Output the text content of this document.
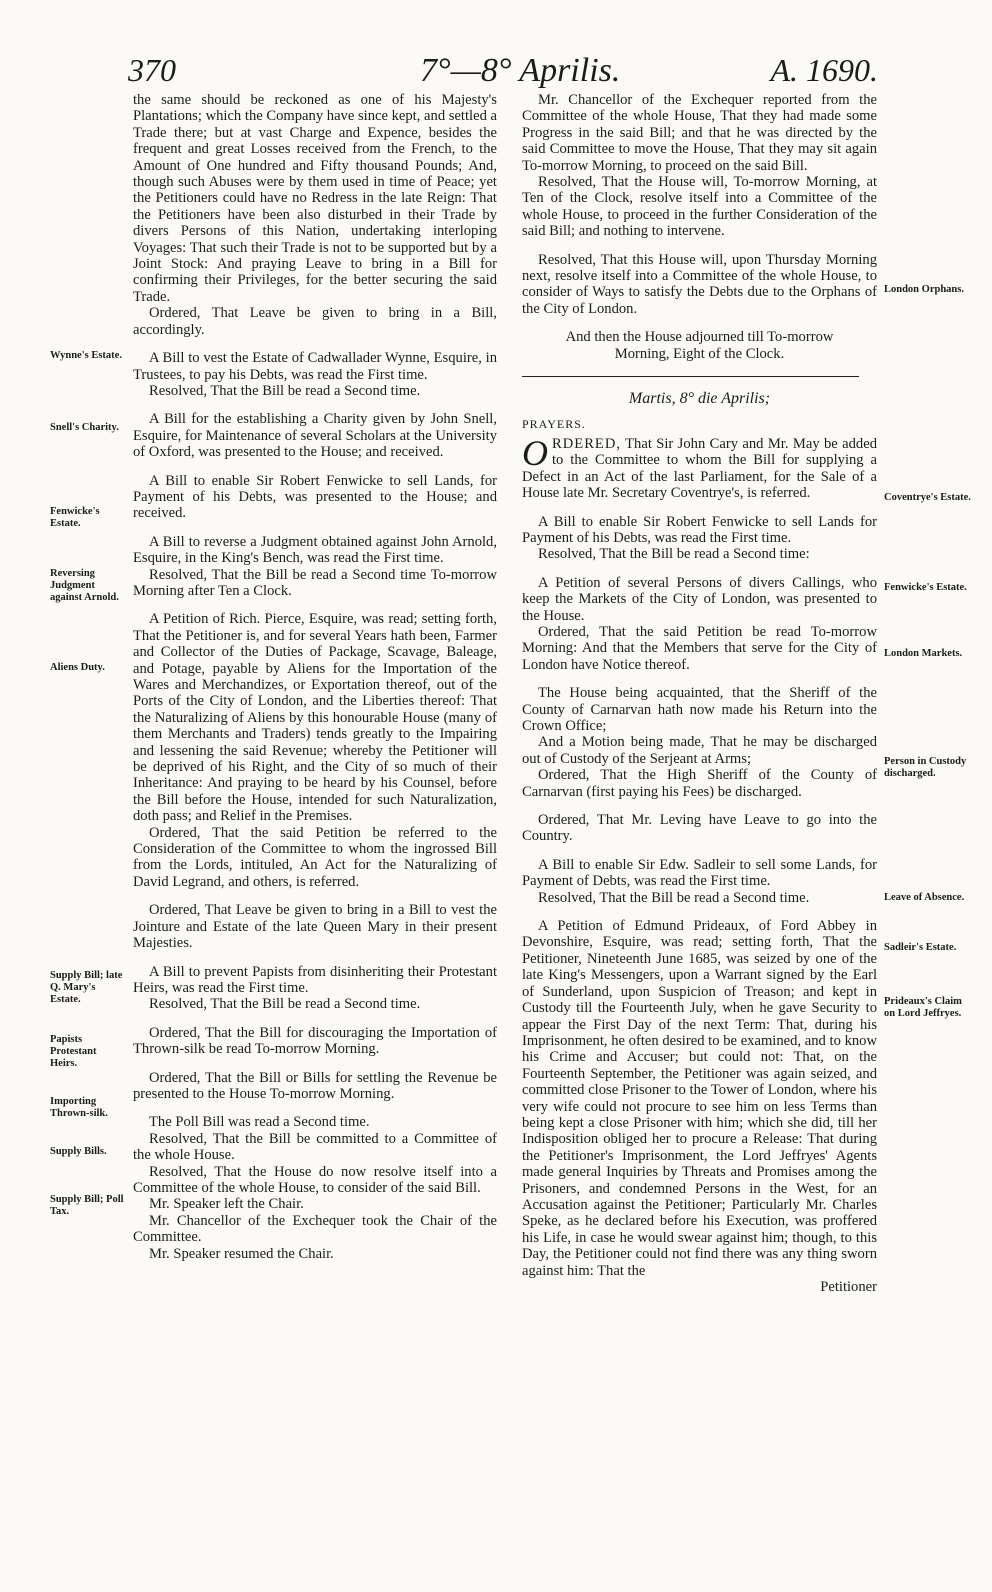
370	7°—8° Aprilis.	A. 1690.

the same should be reckoned as one of his Majesty's Plantations; which the Company have since kept, and settled a Trade there; but at vast Charge and Expence, besides the frequent and great Losses received from the French, to the Amount of One hundred and Fifty thousand Pounds; And, though such Abuses were by them used in time of Peace; yet the Petitioners could have no Redress in the late Reign: That the Petitioners have been also disturbed in their Trade by divers Persons of this Nation, undertaking interloping Voyages: That such their Trade is not to be supported but by a Joint Stock: And praying Leave to bring in a Bill for confirming their Privileges, for the better securing the said Trade.

Ordered, That Leave be given to bring in a Bill, accordingly.

A Bill to vest the Estate of Cadwallader Wynne, Esquire, in Trustees, to pay his Debts, was read the First time.

Resolved, That the Bill be read a Second time.

A Bill for the establishing a Charity given by John Snell, Esquire, for Maintenance of several Scholars at the University of Oxford, was presented to the House; and received.

A Bill to enable Sir Robert Fenwicke to sell Lands, for Payment of his Debts, was presented to the House; and received.

A Bill to reverse a Judgment obtained against John Arnold, Esquire, in the King's Bench, was read the First time.

Resolved, That the Bill be read a Second time To-morrow Morning after Ten a Clock.

A Petition of Rich. Pierce, Esquire, was read; setting forth, That the Petitioner is, and for several Years hath been, Farmer and Collector of the Duties of Package, Scavage, Baleage, and Potage, payable by Aliens for the Importation of the Wares and Merchandizes, or Exportation thereof, out of the Ports of the City of London, and the Liberties thereof: That the Naturalizing of Aliens by this honourable House (many of them Merchants and Traders) tends greatly to the Impairing and lessening the said Revenue; whereby the Petitioner will be deprived of his Right, and the City of so much of their Inheritance: And praying to be heard by his Counsel, before the Bill before the House, intended for such Naturalization, doth pass; and Relief in the Premises.

Ordered, That the said Petition be referred to the Consideration of the Committee to whom the ingrossed Bill from the Lords, intituled, An Act for the Naturalizing of David Legrand, and others, is referred.

Ordered, That Leave be given to bring in a Bill to vest the Jointure and Estate of the late Queen Mary in their present Majesties.

A Bill to prevent Papists from disinheriting their Protestant Heirs, was read the First time.

Resolved, That the Bill be read a Second time.

Ordered, That the Bill for discouraging the Importation of Thrown-silk be read To-morrow Morning.

Ordered, That the Bill or Bills for settling the Revenue be presented to the House To-morrow Morning.

The Poll Bill was read a Second time.

Resolved, That the Bill be committed to a Committee of the whole House.

Resolved, That the House do now resolve itself into a Committee of the whole House, to consider of the said Bill.

Mr. Speaker left the Chair.

Mr. Chancellor of the Exchequer took the Chair of the Committee.

Mr. Speaker resumed the Chair.

Wynne's Estate.
Snell's Charity.
Fenwicke's Estate.
Reversing Judgment against Arnold.
Aliens Duty.
Supply Bill; late Q. Mary's Estate.
Papists Protestant Heirs.
Importing Thrown-silk.
Supply Bills.
Supply Bill; Poll Tax.

Mr. Chancellor of the Exchequer reported from the Committee of the whole House, That they had made some Progress in the said Bill; and that he was directed by the said Committee to move the House, That they may sit again To-morrow Morning, to proceed on the said Bill.

Resolved, That the House will, To-morrow Morning, at Ten of the Clock, resolve itself into a Committee of the whole House, to proceed in the further Consideration of the said Bill; and nothing to intervene.

Resolved, That this House will, upon Thursday Morning next, resolve itself into a Committee of the whole House, to consider of Ways to satisfy the Debts due to the Orphans of the City of London.

And then the House adjourned till To-morrow Morning, Eight of the Clock.

Martis, 8° die Aprilis;

PRAYERS.

ORDERED, That Sir John Cary and Mr. May be added to the Committee to whom the Bill for supplying a Defect in an Act of the last Parliament, for the Sale of a House late Mr. Secretary Coventrye's, is referred.

A Bill to enable Sir Robert Fenwicke to sell Lands for Payment of his Debts, was read the First time.

Resolved, That the Bill be read a Second time:

A Petition of several Persons of divers Callings, who keep the Markets of the City of London, was presented to the House.

Ordered, That the said Petition be read To-morrow Morning: And that the Members that serve for the City of London have Notice thereof.

The House being acquainted, that the Sheriff of the County of Carnarvan hath now made his Return into the Crown Office;

And a Motion being made, That he may be discharged out of Custody of the Serjeant at Arms;

Ordered, That the High Sheriff of the County of Carnarvan (first paying his Fees) be discharged.

Ordered, That Mr. Leving have Leave to go into the Country.

A Bill to enable Sir Edw. Sadleir to sell some Lands, for Payment of Debts, was read the First time.

Resolved, That the Bill be read a Second time.

A Petition of Edmund Prideaux, of Ford Abbey in Devonshire, Esquire, was read; setting forth, That the Petitioner, Nineteenth June 1685, was seized by one of the late King's Messengers, upon a Warrant signed by the Earl of Sunderland, upon Suspicion of Treason; and kept in Custody till the Fourteenth July, when he gave Security to appear the First Day of the next Term: That, during his Imprisonment, he often desired to be examined, and to know his Crime and Accuser; but could not: That, on the Fourteenth September, the Petitioner was again seized, and committed close Prisoner to the Tower of London, where his very wife could not procure to see him on less Terms than being kept a close Prisoner with him; which she did, till her Indisposition obliged her to procure a Release: That during the Petitioner's Imprisonment, the Lord Jeffryes' Agents made general Inquiries by Threats and Promises among the Prisoners, and condemned Persons in the West, for an Accusation against the Petitioner; Particularly Mr. Charles Speke, as he declared before his Execution, was proffered his Life, in case he would swear against him; though, to this Day, the Petitioner could not find there was any thing sworn against him: That the

Petitioner

London Orphans.
Coventrye's Estate.
Fenwicke's Estate.
London Markets.
Person in Custody discharged.
Leave of Absence.
Sadleir's Estate.
Prideaux's Claim on Lord Jeffryes.
